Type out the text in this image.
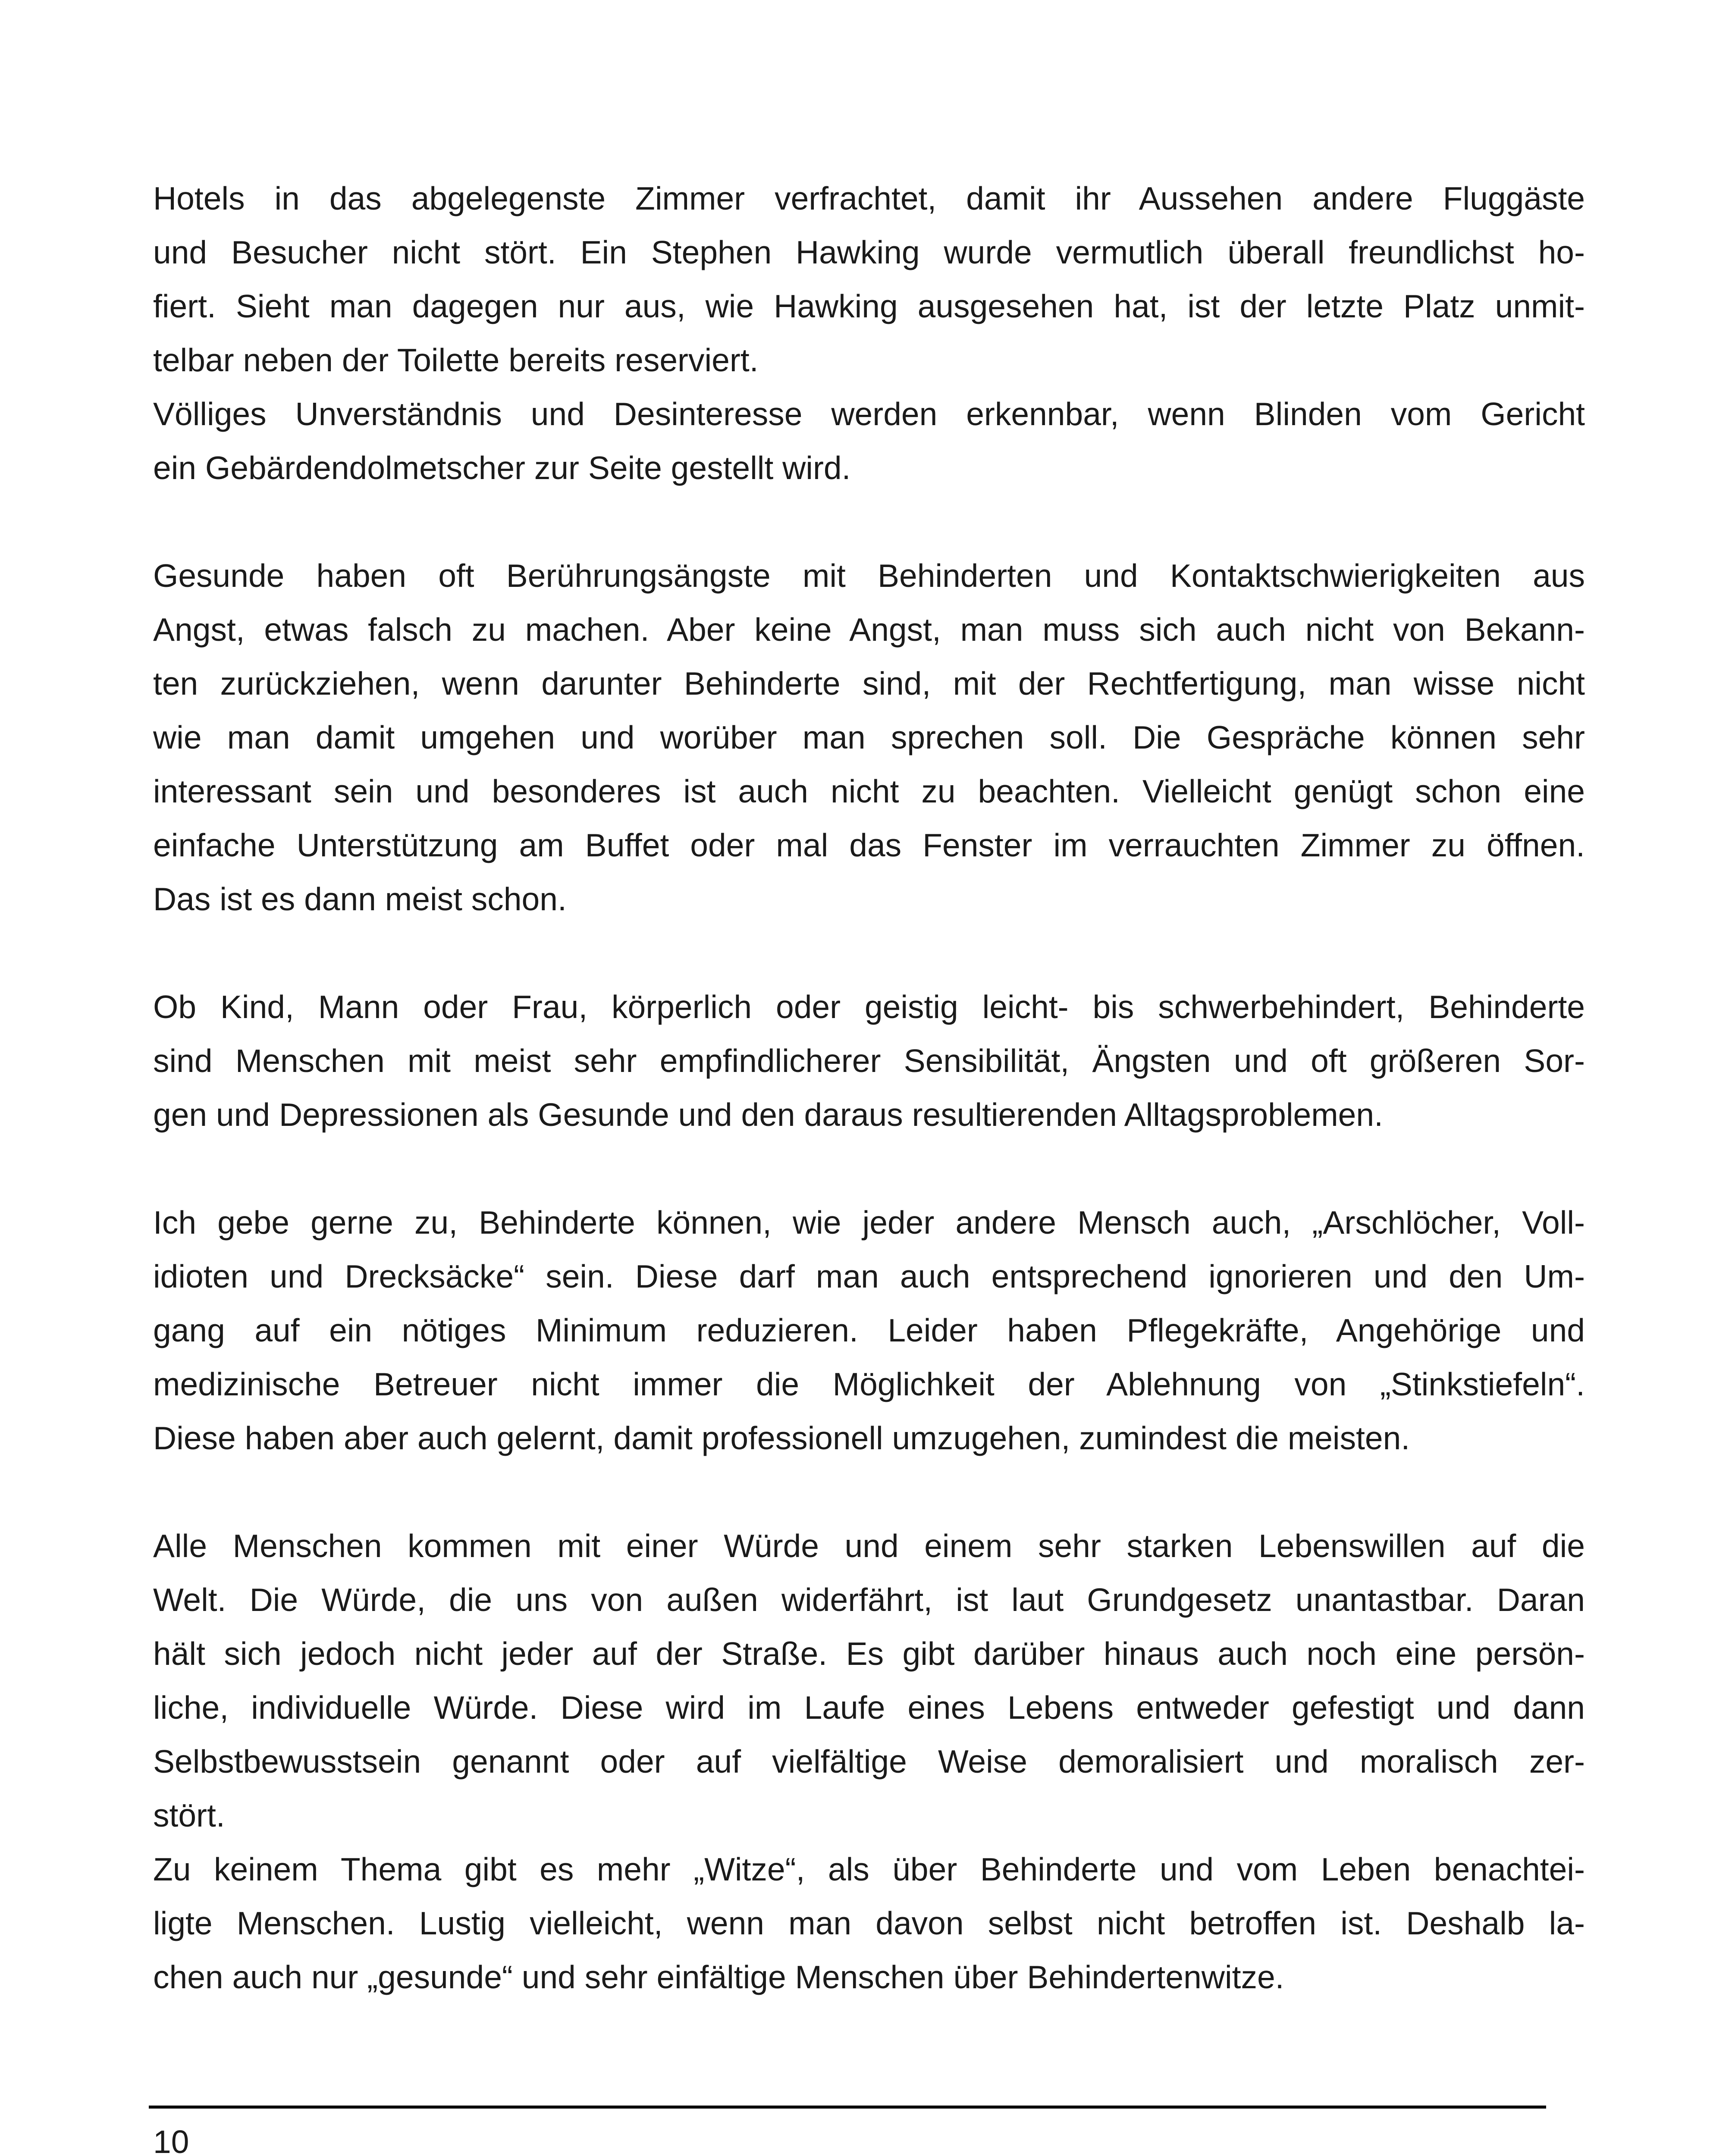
Hotels in das abgelegenste Zimmer verfrachtet, damit ihr Aussehen andere Fluggäste
und Besucher nicht stört. Ein Stephen Hawking wurde vermutlich überall freundlichst ho-
fiert. Sieht man dagegen nur aus, wie Hawking ausgesehen hat, ist der letzte Platz unmit-
telbar neben der Toilette bereits reserviert.
Völliges Unverständnis und Desinteresse werden erkennbar, wenn Blinden vom Gericht
ein Gebärdendolmetscher zur Seite gestellt wird.
Gesunde haben oft Berührungsängste mit Behinderten und Kontaktschwierigkeiten aus
Angst, etwas falsch zu machen. Aber keine Angst, man muss sich auch nicht von Bekann-
ten zurückziehen, wenn darunter Behinderte sind, mit der Rechtfertigung, man wisse nicht
wie man damit umgehen und worüber man sprechen soll. Die Gespräche können sehr
interessant sein und besonderes ist auch nicht zu beachten. Vielleicht genügt schon eine
einfache Unterstützung am Buffet oder mal das Fenster im verrauchten Zimmer zu öffnen.
Das ist es dann meist schon.
Ob Kind, Mann oder Frau, körperlich oder geistig leicht- bis schwerbehindert, Behinderte
sind Menschen mit meist sehr empfindlicherer Sensibilität, Ängsten und oft größeren Sor-
gen und Depressionen als Gesunde und den daraus resultierenden Alltagsproblemen.
Ich gebe gerne zu, Behinderte können, wie jeder andere Mensch auch, „Arschlöcher, Voll-
idioten und Drecksäcke“ sein. Diese darf man auch entsprechend ignorieren und den Um-
gang auf ein nötiges Minimum reduzieren. Leider haben Pflegekräfte, Angehörige und
medizinische Betreuer nicht immer die Möglichkeit der Ablehnung von „Stinkstiefeln“.
Diese haben aber auch gelernt, damit professionell umzugehen, zumindest die meisten.
Alle Menschen kommen mit einer Würde und einem sehr starken Lebenswillen auf die
Welt. Die Würde, die uns von außen widerfährt, ist laut Grundgesetz unantastbar. Daran
hält sich jedoch nicht jeder auf der Straße. Es gibt darüber hinaus auch noch eine persön-
liche, individuelle Würde. Diese wird im Laufe eines Lebens entweder gefestigt und dann
Selbstbewusstsein genannt oder auf vielfältige Weise demoralisiert und moralisch zer-
stört.
Zu keinem Thema gibt es mehr „Witze“, als über Behinderte und vom Leben benachtei-
ligte Menschen. Lustig vielleicht, wenn man davon selbst nicht betroffen ist. Deshalb la-
chen auch nur „gesunde“ und sehr einfältige Menschen über Behindertenwitze.
10
